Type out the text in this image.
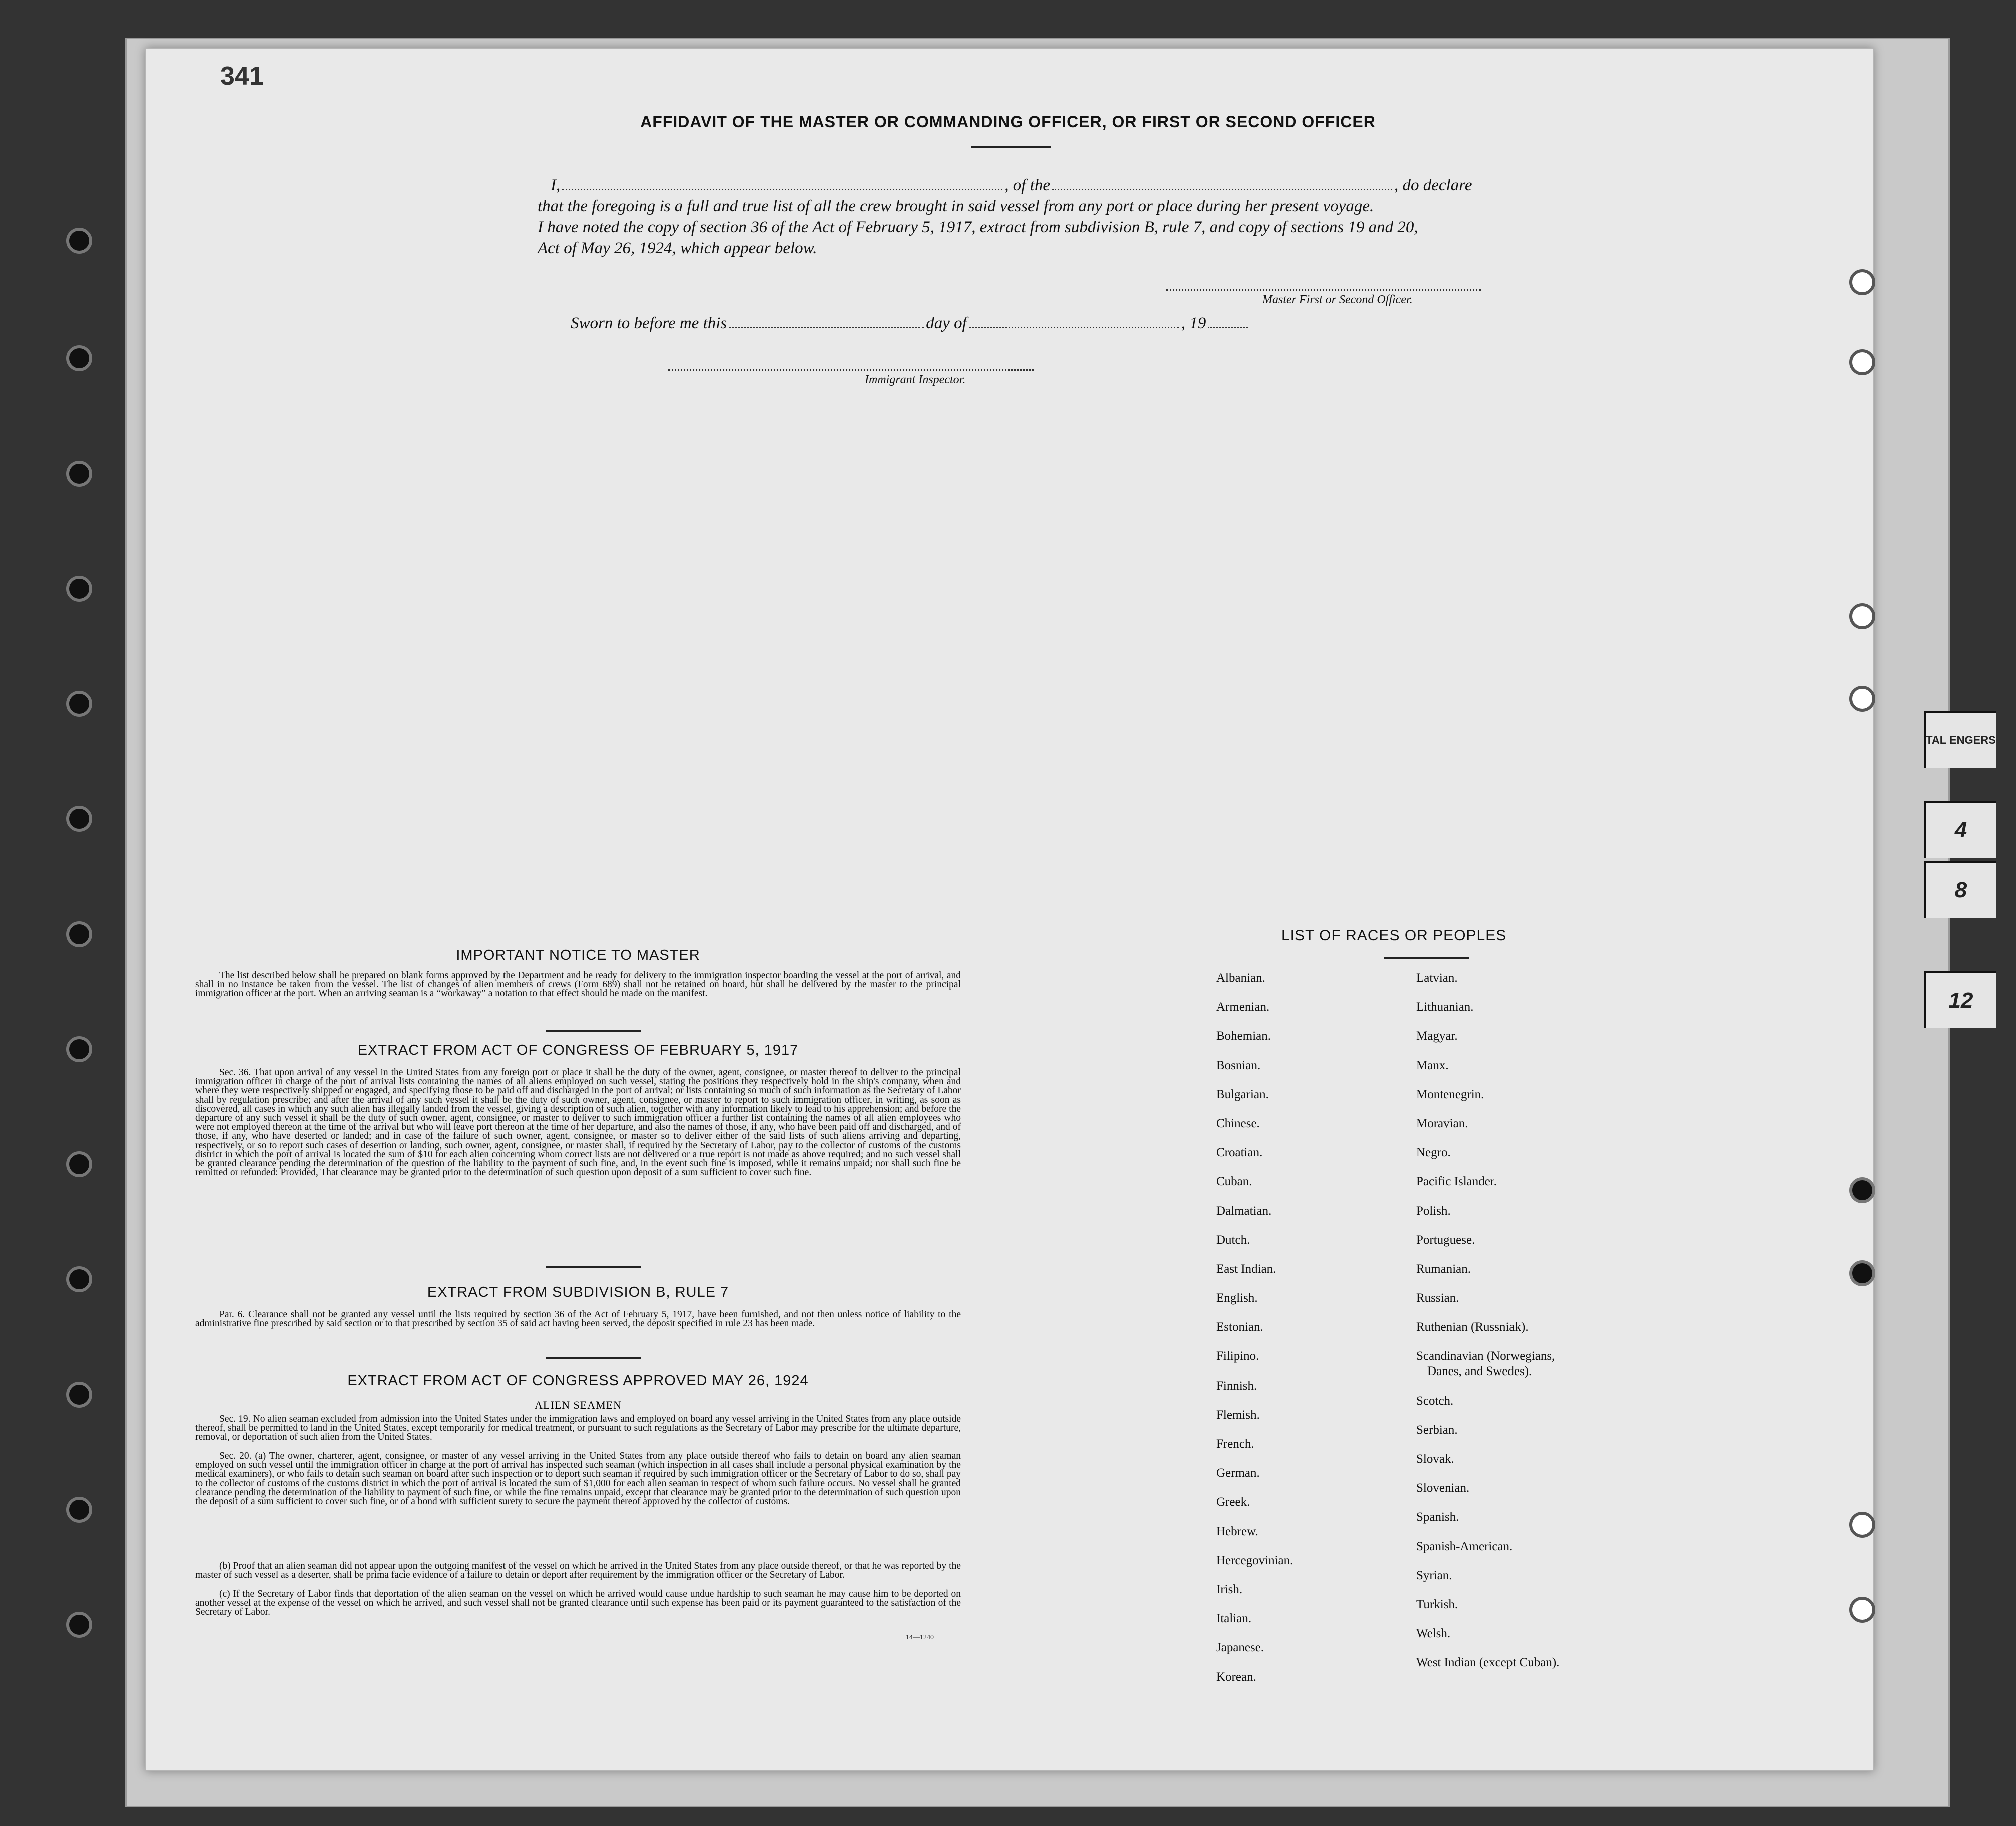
TAL ENGERS
4
8
12
341
AFFIDAVIT OF THE MASTER OR COMMANDING OFFICER, OR FIRST OR SECOND OFFICER
I,	, of the	, do declare
that the foregoing is a full and true list of all the crew brought in said vessel from any port or place during her present voyage.
I have noted the copy of section 36 of the Act of February 5, 1917, extract from subdivision B, rule 7, and copy of sections 19 and 20,
Act of May 26, 1924, which appear below.
Master First or Second Officer.
Sworn to before me this	day of	, 19
Immigrant Inspector.
IMPORTANT NOTICE TO MASTER
The list described below shall be prepared on blank forms approved by the Department and be ready for delivery to the immigration inspector boarding the vessel at the port of arrival, and shall in no instance be taken from the vessel. The list of changes of alien members of crews (Form 689) shall not be retained on board, but shall be delivered by the master to the principal immigration officer at the port. When an arriving seaman is a “workaway” a notation to that effect should be made on the manifest.
EXTRACT FROM ACT OF CONGRESS OF FEBRUARY 5, 1917
Sec. 36. That upon arrival of any vessel in the United States from any foreign port or place it shall be the duty of the owner, agent, consignee, or master thereof to deliver to the principal immigration officer in charge of the port of arrival lists containing the names of all aliens employed on such vessel, stating the positions they respectively hold in the ship's company, when and where they were respectively shipped or engaged, and specifying those to be paid off and discharged in the port of arrival; or lists containing so much of such information as the Secretary of Labor shall by regulation prescribe; and after the arrival of any such vessel it shall be the duty of such owner, agent, consignee, or master to report to such immigration officer, in writing, as soon as discovered, all cases in which any such alien has illegally landed from the vessel, giving a description of such alien, together with any information likely to lead to his apprehension; and before the departure of any such vessel it shall be the duty of such owner, agent, consignee, or master to deliver to such immigration officer a further list containing the names of all alien employees who were not employed thereon at the time of the arrival but who will leave port thereon at the time of her departure, and also the names of those, if any, who have been paid off and discharged, and of those, if any, who have deserted or landed; and in case of the failure of such owner, agent, consignee, or master so to deliver either of the said lists of such aliens arriving and departing, respectively, or so to report such cases of desertion or landing, such owner, agent, consignee, or master shall, if required by the Secretary of Labor, pay to the collector of customs of the customs district in which the port of arrival is located the sum of $10 for each alien concerning whom correct lists are not delivered or a true report is not made as above required; and no such vessel shall be granted clearance pending the determination of the question of the liability to the payment of such fine, and, in the event such fine is imposed, while it remains unpaid; nor shall such fine be remitted or refunded: Provided, That clearance may be granted prior to the determination of such question upon deposit of a sum sufficient to cover such fine.
EXTRACT FROM SUBDIVISION B, RULE 7
Par. 6. Clearance shall not be granted any vessel until the lists required by section 36 of the Act of February 5, 1917, have been furnished, and not then unless notice of liability to the administrative fine prescribed by said section or to that prescribed by section 35 of said act having been served, the deposit specified in rule 23 has been made.
EXTRACT FROM ACT OF CONGRESS APPROVED MAY 26, 1924
ALIEN SEAMEN
Sec. 19. No alien seaman excluded from admission into the United States under the immigration laws and employed on board any vessel arriving in the United States from any place outside thereof, shall be permitted to land in the United States, except temporarily for medical treatment, or pursuant to such regulations as the Secretary of Labor may prescribe for the ultimate departure, removal, or deportation of such alien from the United States.
Sec. 20. (a) The owner, charterer, agent, consignee, or master of any vessel arriving in the United States from any place outside thereof who fails to detain on board any alien seaman employed on such vessel until the immigration officer in charge at the port of arrival has inspected such seaman (which inspection in all cases shall include a personal physical examination by the medical examiners), or who fails to detain such seaman on board after such inspection or to deport such seaman if required by such immigration officer or the Secretary of Labor to do so, shall pay to the collector of customs of the customs district in which the port of arrival is located the sum of $1,000 for each alien seaman in respect of whom such failure occurs. No vessel shall be granted clearance pending the determination of the liability to payment of such fine, or while the fine remains unpaid, except that clearance may be granted prior to the determination of such question upon the deposit of a sum sufficient to cover such fine, or of a bond with sufficient surety to secure the payment thereof approved by the collector of customs.
(b) Proof that an alien seaman did not appear upon the outgoing manifest of the vessel on which he arrived in the United States from any place outside thereof, or that he was reported by the master of such vessel as a deserter, shall be prima facie evidence of a failure to detain or deport after requirement by the immigration officer or the Secretary of Labor.
(c) If the Secretary of Labor finds that deportation of the alien seaman on the vessel on which he arrived would cause undue hardship to such seaman he may cause him to be deported on another vessel at the expense of the vessel on which he arrived, and such vessel shall not be granted clearance until such expense has been paid or its payment guaranteed to the satisfaction of the Secretary of Labor.
14—1240
LIST OF RACES OR PEOPLES
Albanian.
Armenian.
Bohemian.
Bosnian.
Bulgarian.
Chinese.
Croatian.
Cuban.
Dalmatian.
Dutch.
East Indian.
English.
Estonian.
Filipino.
Finnish.
Flemish.
French.
German.
Greek.
Hebrew.
Hercegovinian.
Irish.
Italian.
Japanese.
Korean.
Latvian.
Lithuanian.
Magyar.
Manx.
Montenegrin.
Moravian.
Negro.
Pacific Islander.
Polish.
Portuguese.
Rumanian.
Russian.
Ruthenian (Russniak).
Scandinavian (Norwegians,
Danes, and Swedes).
Scotch.
Serbian.
Slovak.
Slovenian.
Spanish.
Spanish-American.
Syrian.
Turkish.
Welsh.
West Indian (except Cuban).
